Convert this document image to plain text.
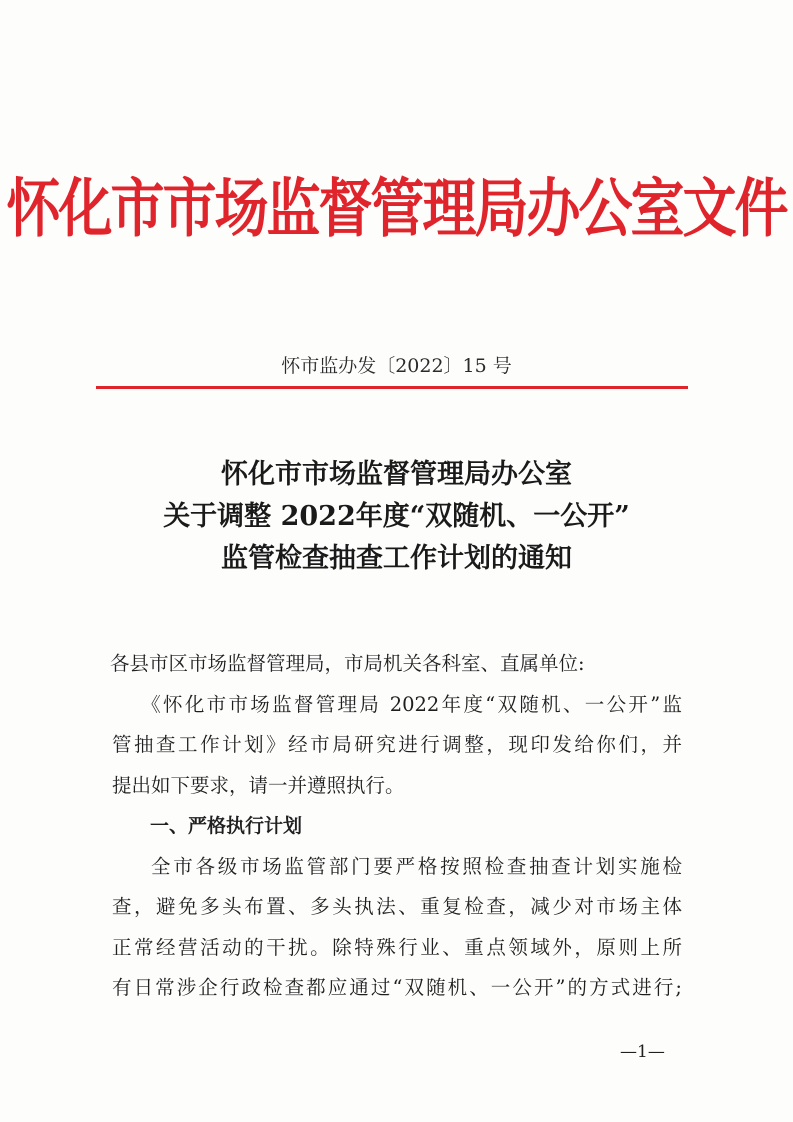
怀化市市场监督管理局办公室文件
怀市监办发〔2022〕15 号
怀化市市场监督管理局办公室
关于调整 2022年度“双随机、一公开”
监管检查抽查工作计划的通知
各县市区市场监督管理局，市局机关各科室、直属单位:
《怀化市市场监督管理局 2022年度“双随机、一公开”监
管抽查工作计划》经市局研究进行调整，现印发给你们，并
提出如下要求，请一并遵照执行。
一、严格执行计划
全市各级市场监管部门要严格按照检查抽查计划实施检
查，避免多头布置、多头执法、重复检查，减少对市场主体
正常经营活动的干扰。除特殊行业、重点领域外，原则上所
有日常涉企行政检查都应通过“双随机、一公开”的方式进行;
—1—
